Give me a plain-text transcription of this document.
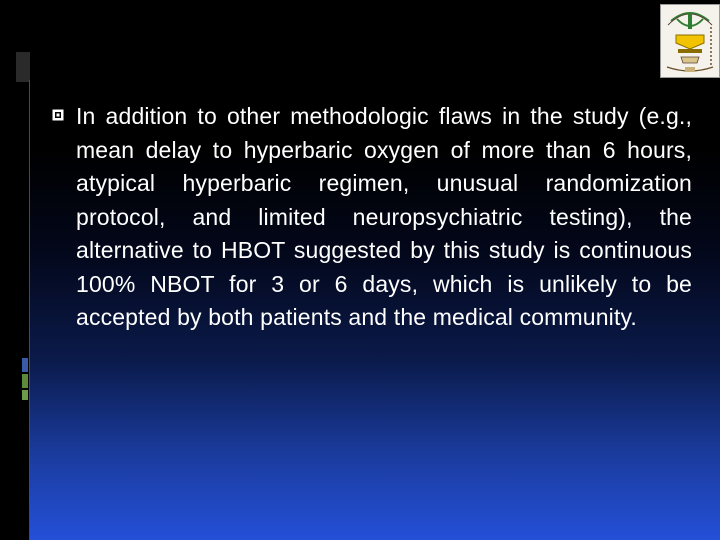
In addition to other methodologic flaws in the study (e.g., mean delay to hyperbaric oxygen of more than 6 hours, atypical hyperbaric regimen, unusual randomization protocol, and limited neuropsychiatric testing), the alternative to HBOT suggested by this study is continuous 100% NBOT for 3 or 6 days, which is unlikely to be accepted by both patients and the medical community.
